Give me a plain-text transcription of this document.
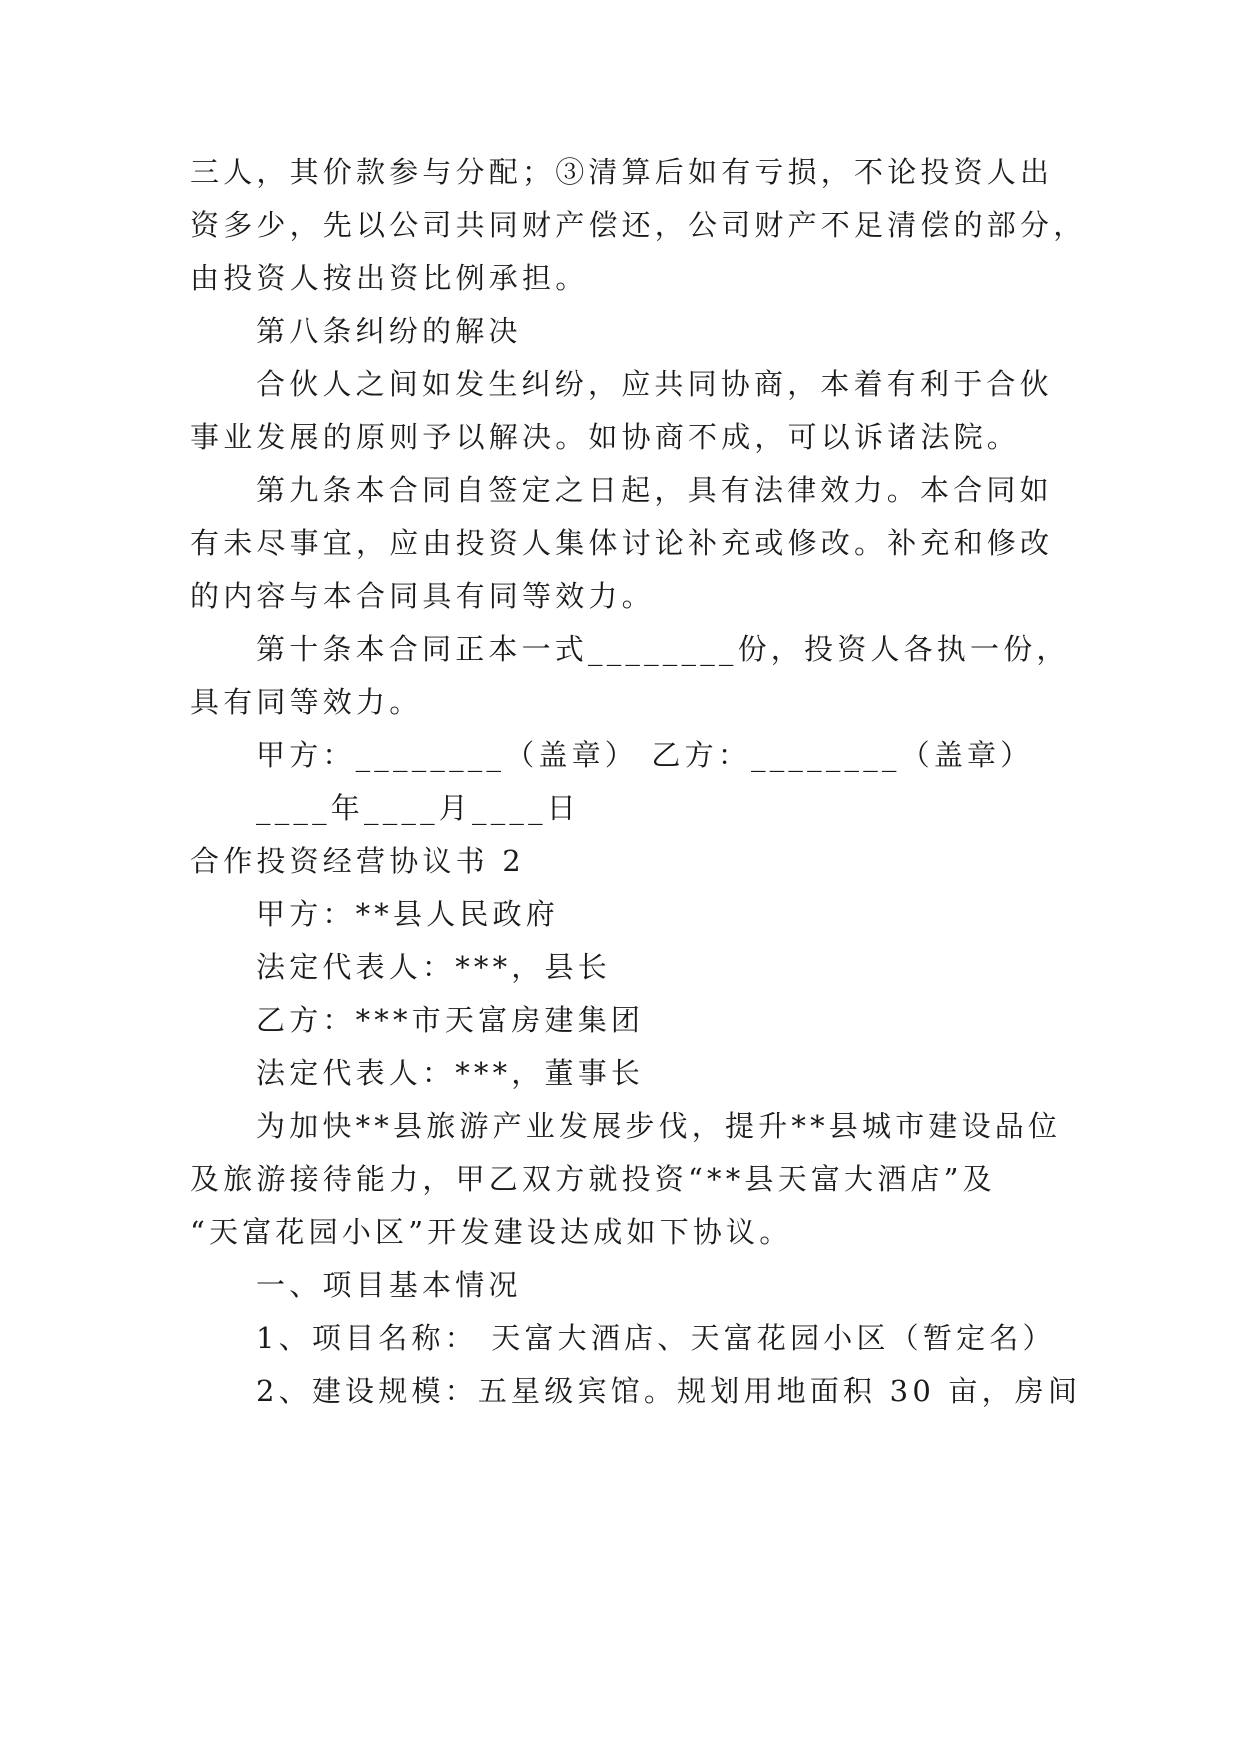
三人，其价款参与分配；③清算后如有亏损，不论投资人出
资多少，先以公司共同财产偿还，公司财产不足清偿的部分，
由投资人按出资比例承担。
第八条纠纷的解决
合伙人之间如发生纠纷，应共同协商，本着有利于合伙
事业发展的原则予以解决。如协商不成，可以诉诸法院。
第九条本合同自签定之日起，具有法律效力。本合同如
有未尽事宜，应由投资人集体讨论补充或修改。补充和修改
的内容与本合同具有同等效力。
第十条本合同正本一式________份，投资人各执一份，
具有同等效力。
甲方：________（盖章） 乙方：________（盖章）
____年____月____日
合作投资经营协议书 2
甲方：**县人民政府
法定代表人：***，县长
乙方：***市天富房建集团
法定代表人：***，董事长
为加快**县旅游产业发展步伐，提升**县城市建设品位
及旅游接待能力，甲乙双方就投资“**县天富大酒店”及
“天富花园小区”开发建设达成如下协议。
一、项目基本情况
1、项目名称： 天富大酒店、天富花园小区（暂定名）
2、建设规模：五星级宾馆。规划用地面积 30 亩，房间
